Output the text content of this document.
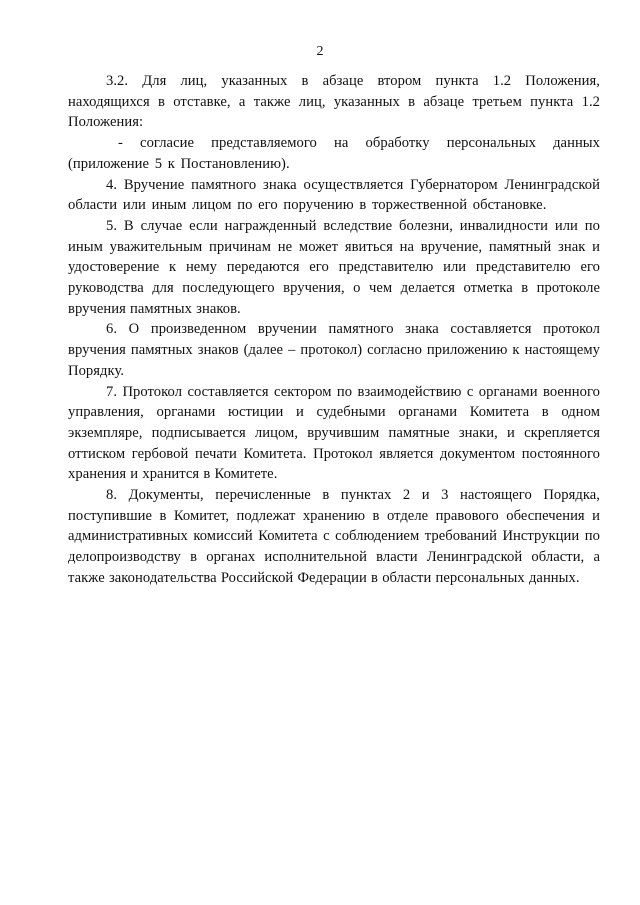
2

3.2. Для лиц, указанных в абзаце втором пункта 1.2 Положения, находящихся в отставке, а также лиц, указанных в абзаце третьем пункта 1.2 Положения:

- согласие представляемого на обработку персональных данных (приложение 5 к Постановлению).

4. Вручение памятного знака осуществляется Губернатором Ленинградской области или иным лицом по его поручению в торжественной обстановке.

5. В случае если награжденный вследствие болезни, инвалидности или по иным уважительным причинам не может явиться на вручение, памятный знак и удостоверение к нему передаются его представителю или представителю его руководства для последующего вручения, о чем делается отметка в протоколе вручения памятных знаков.

6. О произведенном вручении памятного знака составляется протокол вручения памятных знаков (далее – протокол) согласно приложению к настоящему Порядку.

7. Протокол составляется сектором по взаимодействию с органами военного управления, органами юстиции и судебными органами Комитета в одном экземпляре, подписывается лицом, вручившим памятные знаки, и скрепляется оттиском гербовой печати Комитета. Протокол является документом постоянного хранения и хранится в Комитете.

8. Документы, перечисленные в пунктах 2 и 3 настоящего Порядка, поступившие в Комитет, подлежат хранению в отделе правового обеспечения и административных комиссий Комитета с соблюдением требований Инструкции по делопроизводству в органах исполнительной власти Ленинградской области, а также законодательства Российской Федерации в области персональных данных.
